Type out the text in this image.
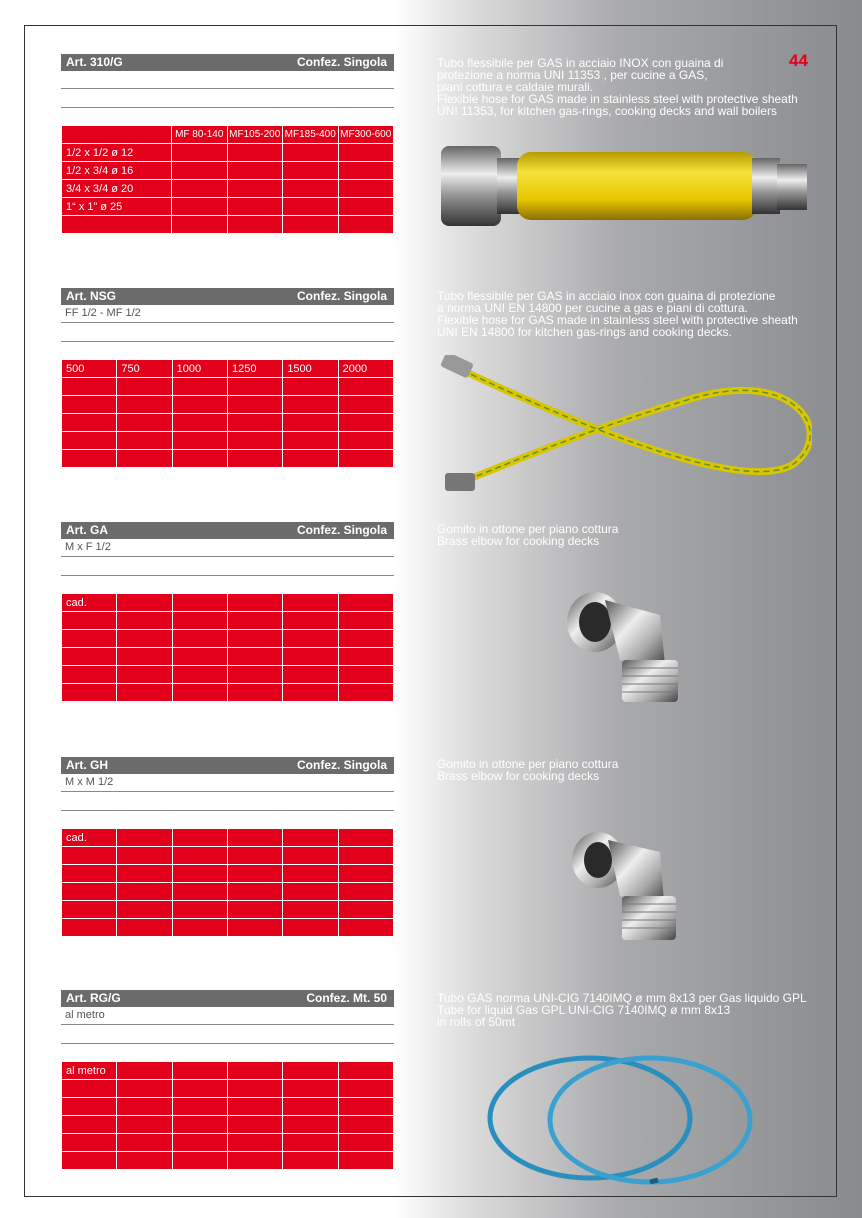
44
Art. 310/G	Confez. Singola
	MF 80-140	MF105-200	MF185-400	MF300-600
1/2 x 1/2 ø 12				
1/2 x 3/4 ø 16				
3/4 x 3/4 ø 20				
1“ x 1” ø 25				

Tubo flessibile per GAS in acciaio INOX con guaina di
protezione a norma UNI 11353 , per cucine a GAS,
piani cottura e caldaie murali.
Flexible hose for GAS made in stainless steel with protective sheath
UNI 11353, for kitchen gas-rings, cooking decks and wall boilers
Art. NSG	Confez. Singola
FF 1/2 - MF 1/2
500	750	1000	1250	1500	2000

Tubo flessibile per GAS in acciaio inox con guaina di protezione
a norma UNI EN 14800 per cucine a gas e piani di cottura.
Flexible hose for GAS made in stainless steel with protective sheath
UNI EN 14800 for kitchen gas-rings and cooking decks.
Art. GA	Confez. Singola
M x F 1/2
cad.					

Gomito in ottone per piano cottura
Brass elbow for cooking decks
Art. GH	Confez. Singola
M x M 1/2
cad.					

Gomito in ottone per piano cottura
Brass elbow for cooking decks
Art. RG/G	Confez. Mt. 50
al metro
al metro					

Tubo GAS norma UNI-CIG 7140IMQ ø mm 8x13 per Gas liquido GPL
Tube for liquid Gas GPL UNI-CIG 7140IMQ ø mm 8x13
in rolls of 50mt
